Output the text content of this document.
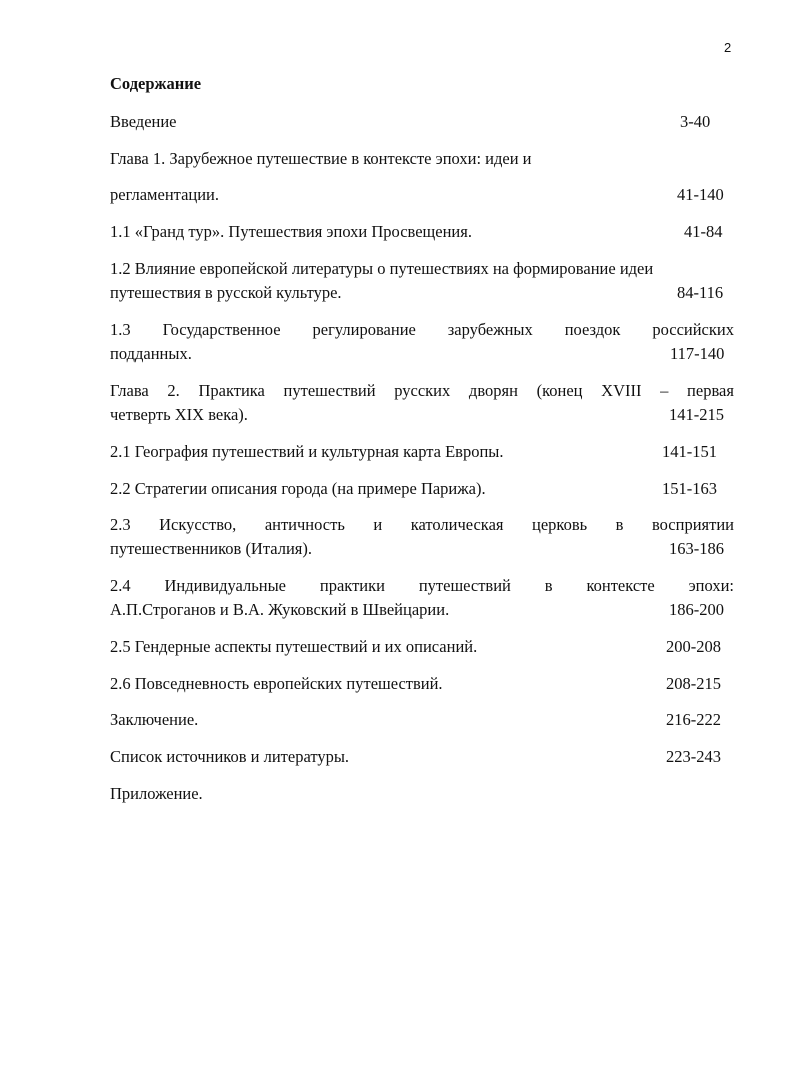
2
Содержание
Введение	3-40
Глава 1. Зарубежное путешествие в контексте эпохи: идеи и
регламентации.	41-140
1.1 «Гранд тур». Путешествия эпохи Просвещения.	41-84
1.2 Влияние европейской литературы о путешествиях на формирование идеи
путешествия в русской культуре.	84-116
1.3 Государственное регулирование зарубежных поездок российских
подданных.	117-140
Глава 2. Практика путешествий русских дворян (конец XVIII – первая
четверть XIX века).	141-215
2.1 География путешествий и культурная карта Европы.	141-151
2.2 Стратегии описания города (на примере Парижа).	151-163
2.3 Искусство, античность и католическая церковь в восприятии
путешественников (Италия).	163-186
2.4 Индивидуальные практики путешествий в контексте эпохи:
А.П.Строганов и В.А. Жуковский в Швейцарии.	186-200
2.5 Гендерные аспекты путешествий и их описаний.	200-208
2.6 Повседневность европейских путешествий.	208-215
Заключение.	216-222
Список источников и литературы.	223-243
Приложение.
